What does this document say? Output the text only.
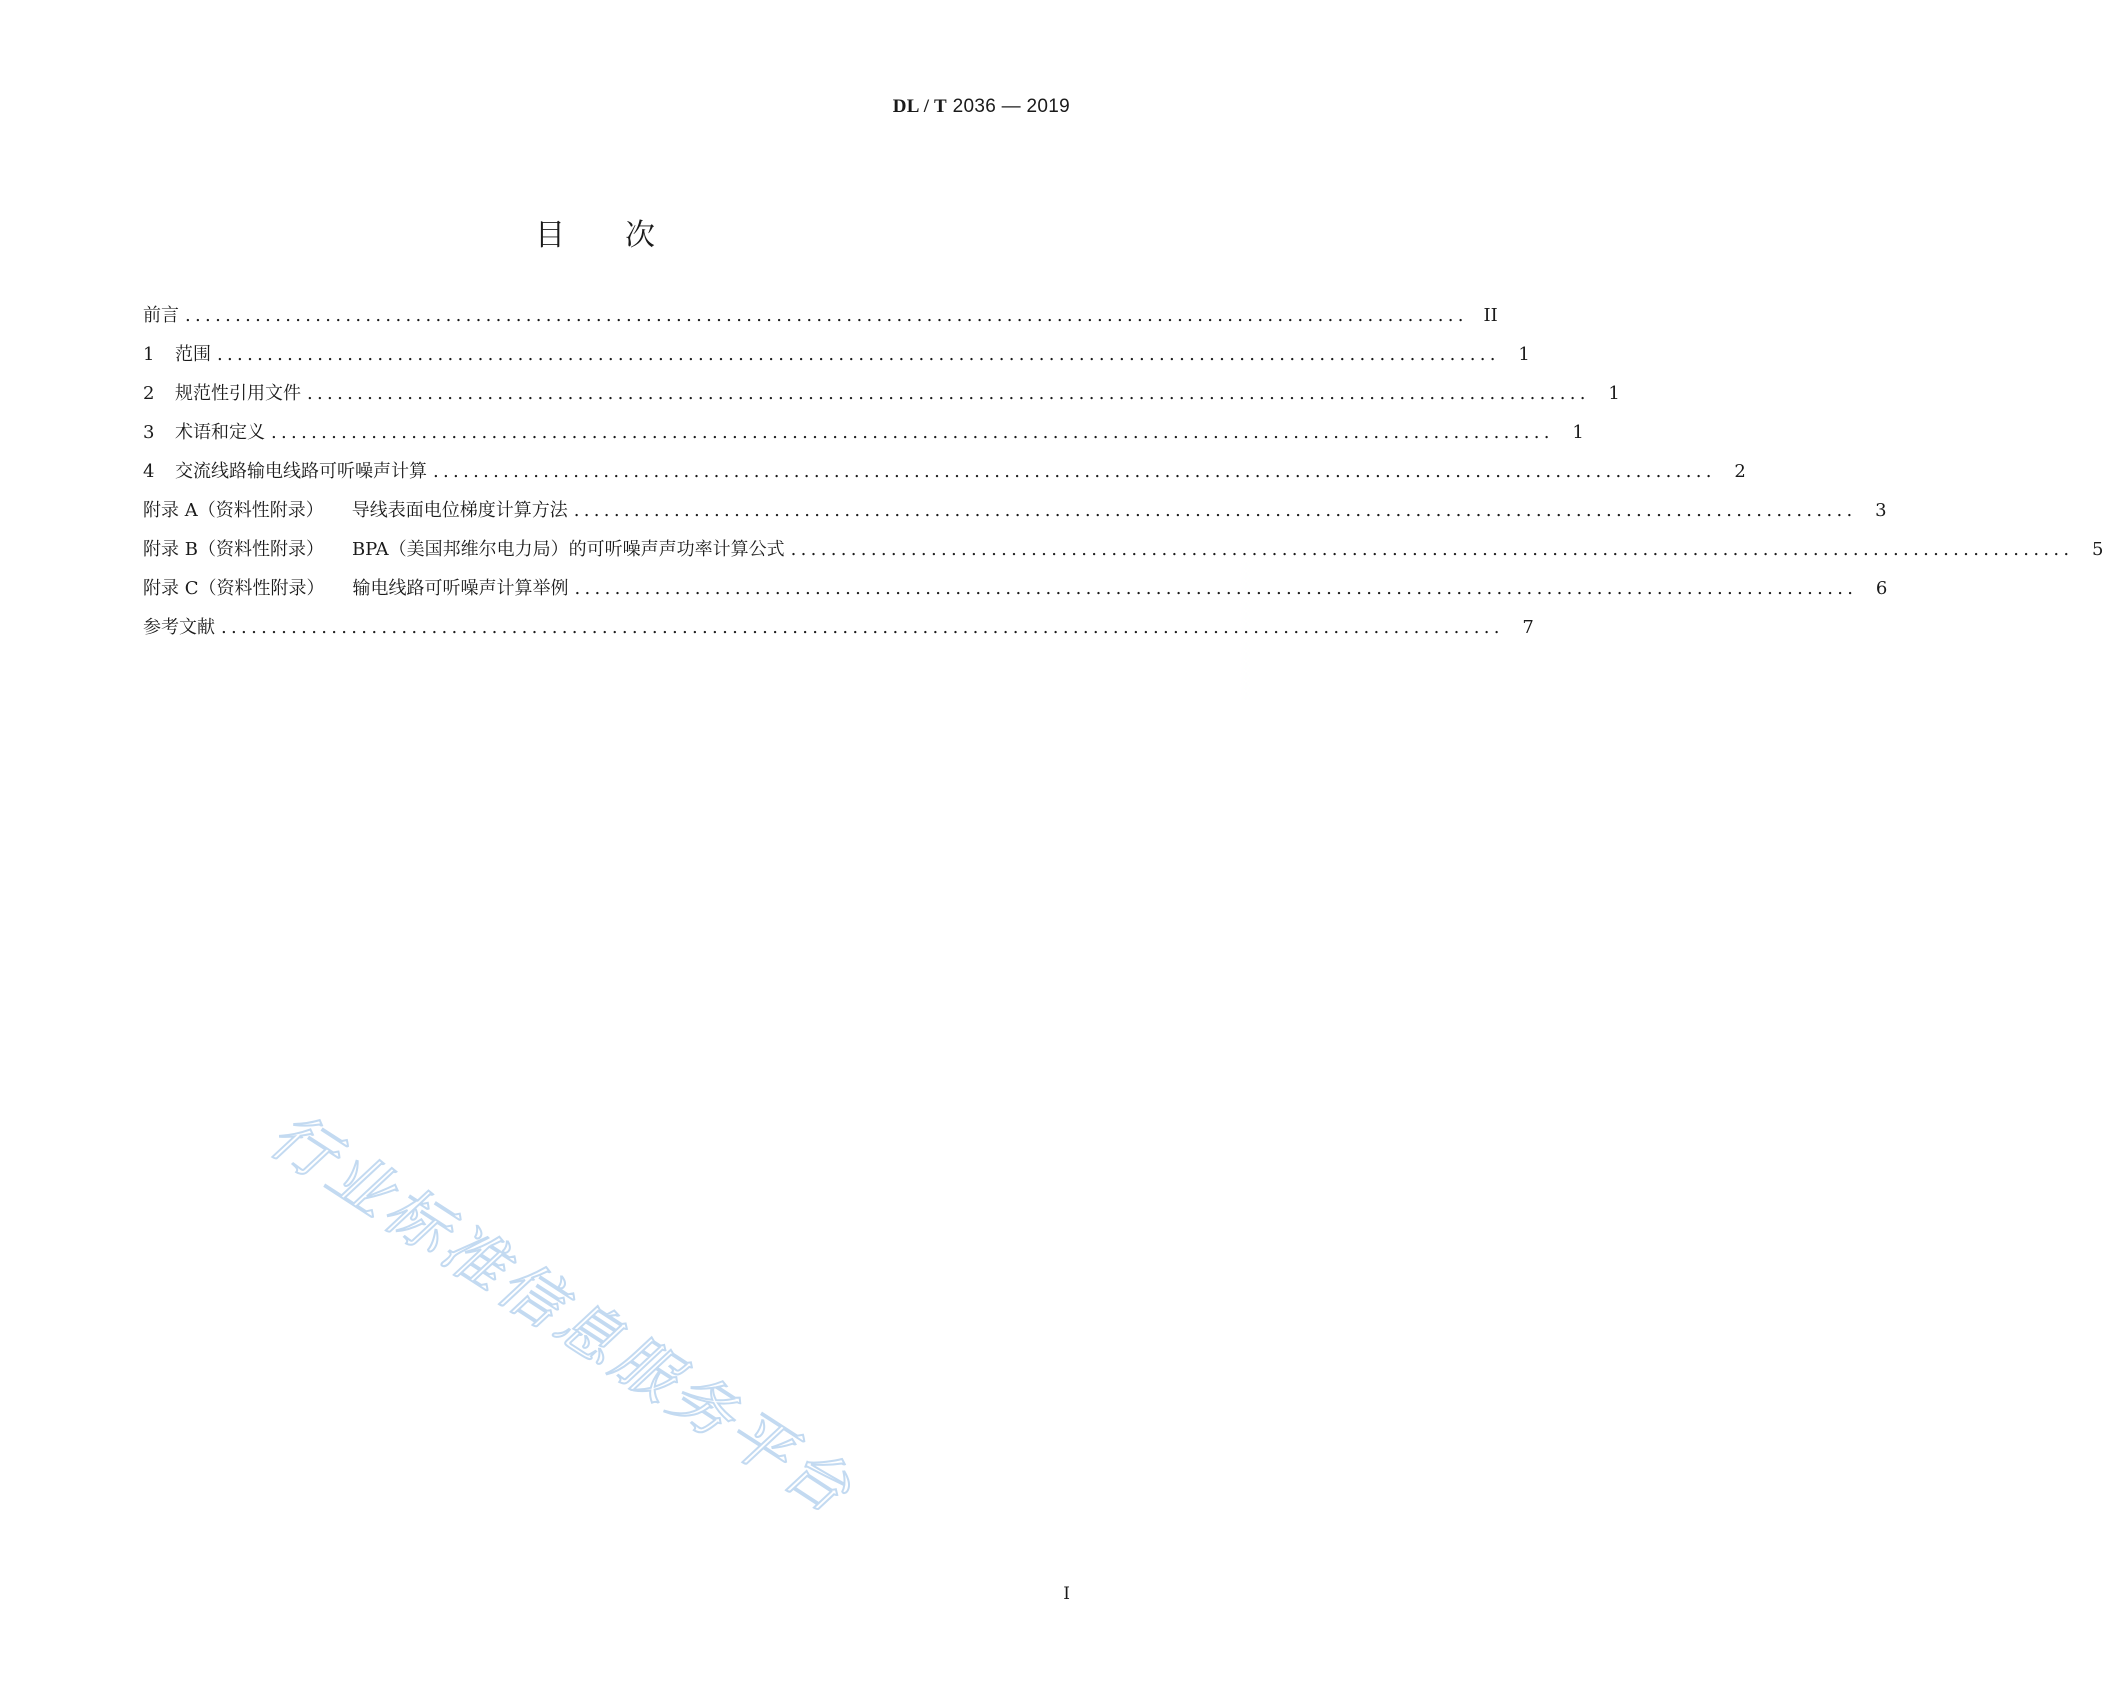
DL / T 2036 — 2019
目次
前言 ................................................................................................................................ II
1 范围 ................................................................................................................................	1
2 规范性引用文件 ................................................................................................................................	1
3 术语和定义 ................................................................................................................................	1
4 交流线路输电线路可听噪声计算 ................................................................................................................................	2
附录 A（资料性附录） 导线表面电位梯度计算方法 ................................................................................................................................	3
附录 B（资料性附录） BPA（美国邦维尔电力局）的可听噪声声功率计算公式 ................................................................................................................................	5
附录 C（资料性附录） 输电线路可听噪声计算举例 ................................................................................................................................	6
参考文献 ................................................................................................................................	7
行业标准信息服务平台
I
